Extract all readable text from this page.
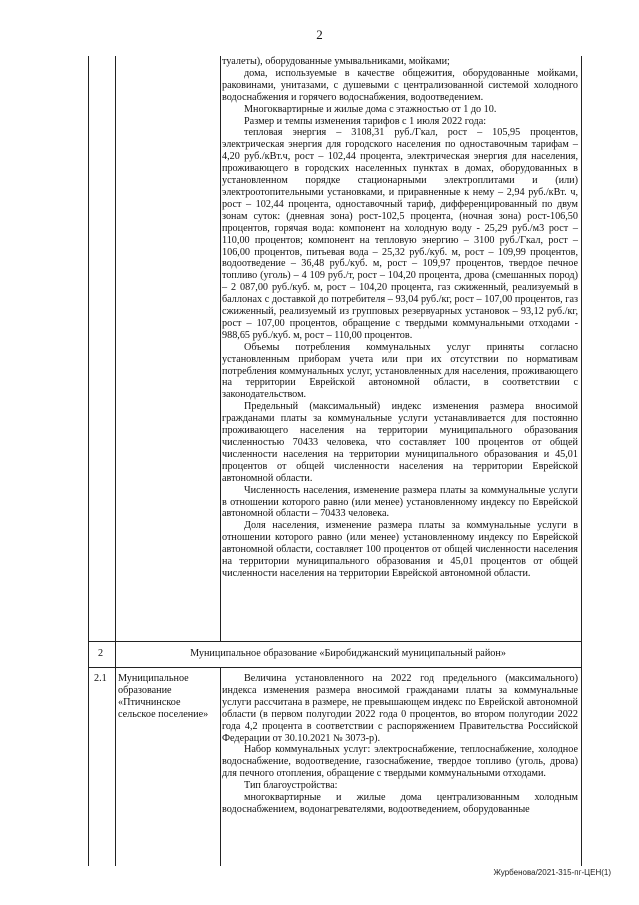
2

туалеты), оборудованные умывальниками, мойками;

дома, используемые в качестве общежития, оборудованные мойками, раковинами, унитазами, с душевыми с централизованной системой холодного водоснабжения и горячего водоснабжения, водоотведением.

Многоквартирные и жилые дома с этажностью от 1 до 10.

Размер и темпы изменения тарифов с 1 июля 2022 года:

тепловая энергия – 3108,31 руб./Гкал, рост – 105,95 процентов, электрическая энергия для городского населения по одноставочным тарифам – 4,20 руб./кВт.ч, рост – 102,44 процента, электрическая энергия для населения, проживающего в городских населенных пунктах в домах, оборудованных в установленном порядке стационарными электроплитами и (или) электроотопительными установками, и приравненные к нему – 2,94 руб./кВт. ч, рост – 102,44 процента, одноставочный тариф, дифференцированный по двум зонам суток: (дневная зона) рост-102,5 процента, (ночная зона) рост-106,50 процентов, горячая вода: компонент на холодную воду - 25,29 руб./м3 рост – 110,00 процентов; компонент на тепловую энергию – 3100 руб./Гкал, рост – 106,00 процентов, питьевая вода – 25,32 руб./куб. м, рост – 109,99 процентов, водоотведение – 36,48 руб./куб. м, рост – 109,97 процентов, твердое печное топливо (уголь) – 4 109 руб./т, рост – 104,20 процента, дрова (смешанных пород) – 2 087,00 руб./куб. м, рост – 104,20 процента, газ сжиженный, реализуемый в баллонах с доставкой до потребителя – 93,04 руб./кг, рост – 107,00 процентов, газ сжиженный, реализуемый из групповых резервуарных установок – 93,12 руб./кг, рост – 107,00 процентов, обращение с твердыми коммунальными отходами - 988,65 руб./куб. м, рост – 110,00 процентов.

Объемы потребления коммунальных услуг приняты согласно установленным приборам учета или при их отсутствии по нормативам потребления коммунальных услуг, установленных для населения, проживающего на территории Еврейской автономной области, в соответствии с законодательством.

Предельный (максимальный) индекс изменения размера вносимой гражданами платы за коммунальные услуги устанавливается для постоянно проживающего населения на территории муниципального образования численностью 70433 человека, что составляет 100 процентов от общей численности населения на территории муниципального образования и 45,01 процентов от общей численности населения на территории Еврейской автономной области.

Численность населения, изменение размера платы за коммунальные услуги в отношении которого равно (или менее) установленному индексу по Еврейской автономной области – 70433 человека.

Доля населения, изменение размера платы за коммунальные услуги в отношении которого равно (или менее) установленному индексу по Еврейской автономной области, составляет 100 процентов от общей численности населения на территории муниципального образования и 45,01 процентов от общей численности населения на территории Еврейской автономной области.

2	Муниципальное образование «Биробиджанский муниципальный район»
2.1 Муниципальное
образование
«Птичнинское
сельское поселение»

Величина установленного на 2022 год предельного (максимального) индекса изменения размера вносимой гражданами платы за коммунальные услуги рассчитана в размере, не превышающем индекс по Еврейской автономной области (в первом полугодии 2022 года 0 процентов, во втором полугодии 2022 года 4,2 процента в соответствии с распоряжением Правительства Российской Федерации от 30.10.2021 № 3073-р).

Набор коммунальных услуг: электроснабжение, теплоснабжение, холодное водоснабжение, водоотведение, газоснабжение, твердое топливо (уголь, дрова) для печного отопления, обращение с твердыми коммунальными отходами.

Тип благоустройства:

многоквартирные и жилые дома централизованным холодным водоснабжением, водонагревателями, водоотведением, оборудованные

Журбенова/2021-315-пг-ЦЕН(1)
